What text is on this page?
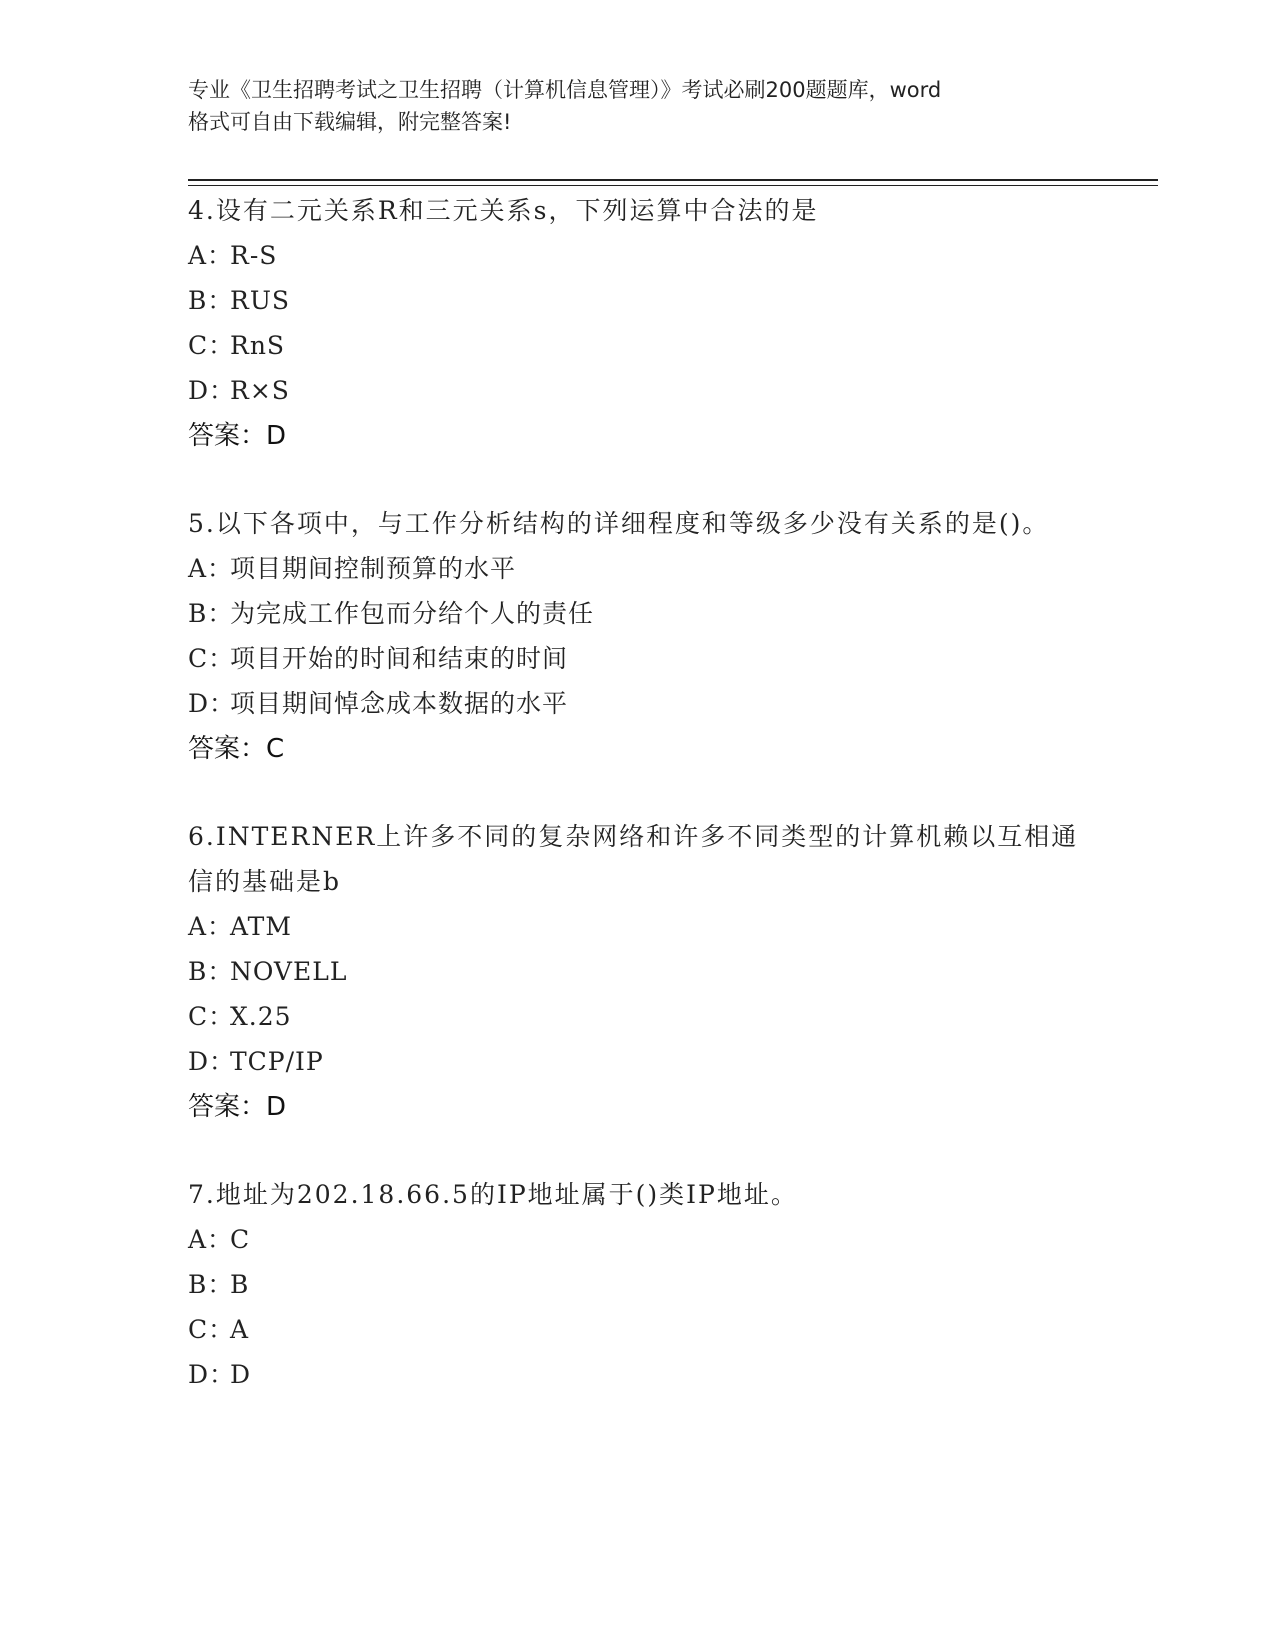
专业《卫生招聘考试之卫生招聘（计算机信息管理）》考试必刷200题题库，word
格式可自由下载编辑，附完整答案!
4.设有二元关系R和三元关系s，下列运算中合法的是
A：
R-S
B：
RUS
C：
RnS
D：
R×S
答案：D
5.以下各项中，与工作分析结构的详细程度和等级多少没有关系的是()。
A：
项目期间控制预算的水平
B：
为完成工作包而分给个人的责任
C：
项目开始的时间和结束的时间
D：
项目期间悼念成本数据的水平
答案：C
6.INTERNER上许多不同的复杂网络和许多不同类型的计算机赖以互相通信的基础是b
A：
ATM
B：
NOVELL
C：
X.25
D：
TCP/IP
答案：D
7.地址为202.18.66.5的IP地址属于()类IP地址。
A：
C
B：
B
C：
A
D：
D
